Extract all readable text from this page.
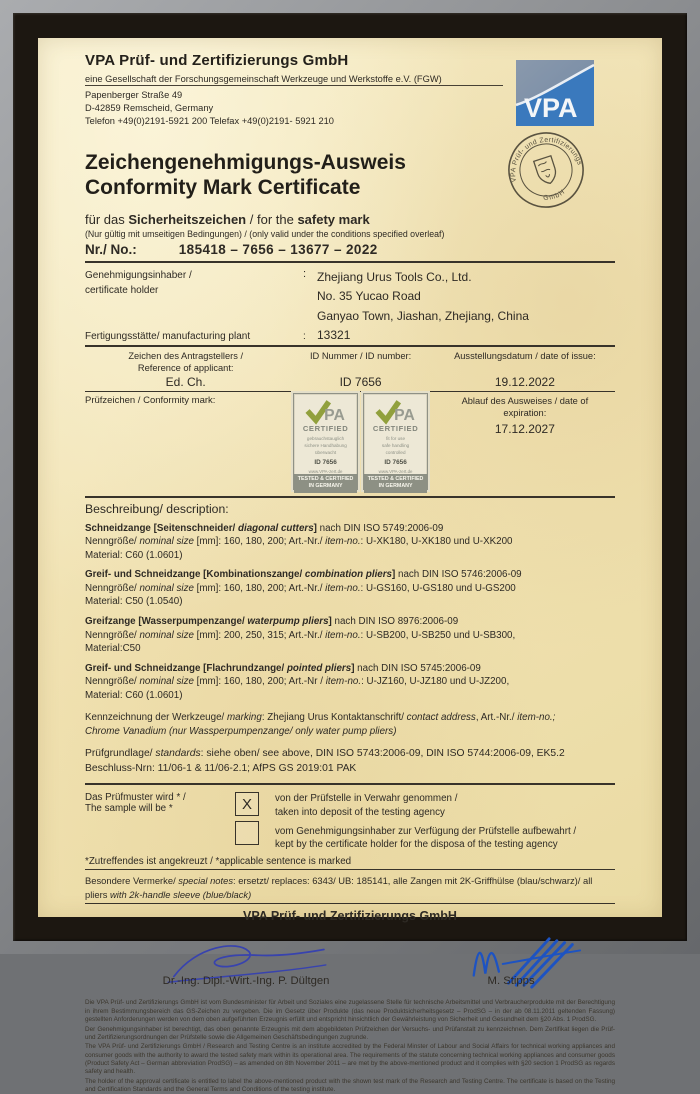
VPA Prüf- und Zertifizierungs GmbH
eine Gesellschaft der Forschungsgemeinschaft Werkzeuge und Werkstoffe e.V. (FGW)
Papenberger Straße 49
D-42859 Remscheid, Germany
Telefon +49(0)2191-5921 200 Telefax +49(0)2191- 5921 210	VPA
VPA Prüf- und Zertifizierungs
GmbH
Zeichengenehmigungs-Ausweis
Conformity Mark Certificate
für das Sicherheitszeichen / for the safety mark
(Nur gültig mit umseitigen Bedingungen) / (only valid under the conditions specified overleaf)
Nr./ No.:	185418 – 7656 – 13677 – 2022
Genehmigungsinhaber /
certificate holder
: Zhejiang Urus Tools Co., Ltd.
No. 35 Yucao Road
Ganyao Town, Jiashan, Zhejiang, China
Fertigungsstätte/ manufacturing plant	: 13321
Zeichen des Antragstellers /
Reference of applicant:
ID Nummer / ID number:	Ausstellungsdatum / date of issue:
Ed. Ch.	ID 7656	19.12.2022
Prüfzeichen / Conformity mark:
PA
CERTIFIED
gebrauchstauglich
sichere Handhabung
überwacht
ID 7656
www.VPA-zert.de
TESTED & CERTIFIED
IN GERMANY
PA
CERTIFIED
fit for use
safe handling
controlled
ID 7656
www.VPA-zert.de
TESTED & CERTIFIED
IN GERMANY
Ablauf des Ausweises / date of
expiration:
17.12.2027
Beschreibung/ description:
Schneidzange [Seitenschneider/ diagonal cutters] nach DIN ISO 5749:2006-09
Nenngröße/ nominal size [mm]: 160, 180, 200; Art.-Nr./ item-no.: U-XK180, U-XK180 und U-XK200
Material: C60 (1.0601)
Greif- und Schneidzange [Kombinationszange/ combination pliers] nach DIN ISO 5746:2006-09
Nenngröße/ nominal size [mm]: 160, 180, 200; Art.-Nr./ item-no.: U-GS160, U-GS180 und U-GS200
Material: C50 (1.0540)
Greifzange [Wasserpumpenzange/ waterpump pliers] nach DIN ISO 8976:2006-09
Nenngröße/ nominal size [mm]: 200, 250, 315; Art.-Nr./ item-no.: U-SB200, U-SB250 und U-SB300,
Material:C50
Greif- und Schneidzange [Flachrundzange/ pointed pliers] nach DIN ISO 5745:2006-09
Nenngröße/ nominal size [mm]: 160, 180, 200; Art.-Nr / item-no.: U-JZ160, U-JZ180 und U-JZ200,
Material: C60 (1.0601)
Kennzeichnung der Werkzeuge/ marking: Zhejiang Urus Kontaktanschrift/ contact address, Art.-Nr./ item-no.;
Chrome Vanadium (nur Wassperpumpenzange/ only water pump pliers)
Prüfgrundlage/ standards: siehe oben/ see above, DIN ISO 5743:2006-09, DIN ISO 5744:2006-09, EK5.2 Beschluss-Nrn: 11/06-1 & 11/06-2.1; AfPS GS 2019:01 PAK
Das Prüfmuster wird * /
The sample will be *	X von der Prüfstelle in Verwahr genommen /
taken into deposit of the testing agency
vom Genehmigungsinhaber zur Verfügung der Prüfstelle aufbewahrt /
kept by the certificate holder for the disposa of the testing agency
*Zutreffendes ist angekreuzt / *applicable sentence is marked
Besondere Vermerke/ special notes: ersetzt/ replaces: 6343/ UB: 185141, alle Zangen mit 2K-Griffhülse (blau/schwarz)/ all pliers with 2k-handle sleeve (blue/black)
VPA Prüf- und Zertifizierungs GmbH
Dr.-Ing. Dipl.-Wirt.-Ing. P. Dültgen	M. Stipps

Die VPA Prüf- und Zertifizierungs GmbH ist vom Bundesminister für Arbeit und Soziales eine zugelassene Stelle für technische Arbeitsmittel und Verbraucherprodukte mit der Berechtigung in ihrem Bestimmungsbereich das GS-Zeichen zu vergeben. Die im Gesetz über Produkte (das neue Produktsicherheitsgesetz – ProdSG – in der ab 08.11.2011 geltenden Fassung) gestellten Anforderungen werden von dem oben aufgeführten Erzeugnis erfüllt und entspricht hinsichtlich der Gewährleistung von Sicherheit und Gesundheit dem §20 Abs. 1 ProdSG.

Der Genehmigungsinhaber ist berechtigt, das oben genannte Erzeugnis mit dem abgebildeten Prüfzeichen der Versuchs- und Prüfanstalt zu kennzeichnen. Dem Zertifikat liegen die Prüf- und Zertifizierungsordnungen der Prüfstelle sowie die Allgemeinen Geschäftsbedingungen zugrunde.

The VPA Prüf- und Zertifizierungs GmbH / Research and Testing Centre is an institute accredited by the Federal Minster of Labour and Social Affairs for technical working appliances and consumer goods with the authority to award the tested safety mark within its operational area. The requirements of the statute concerning technical working appliances and consumer goods (Product Safety Act – German abbreviation ProdSG) – as amended on 8th November 2011 – are met by the above-mentioned product and it complies with §20 section 1 ProdSG as regards safety and health.

The holder of the approval certificate is entitled to label the above-mentioned product with the shown test mark of the Research and Testing Centre. The certificate is based on the Testing and Certification Standards and the General Terms and Conditions of the testing institute.
